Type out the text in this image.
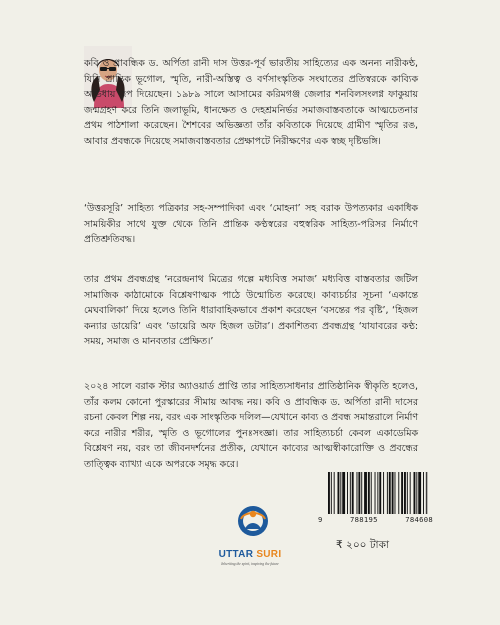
কবি ও প্রাবন্ধিক ড. অর্পিতা রানী দাস উত্তর-পূর্ব ভারতীয় সাহিত্যের এক অনন্য নারীকণ্ঠ, যিনি প্রান্তিক ভূগোল, স্মৃতি, নারী-অস্তিত্ব ও বর্ণসাংস্কৃতিক সংঘাতের প্রতিস্বরকে কাব্যিক অভিধায় রূপ দিয়েছেন। ১৯৮৯ সালে আসামের করিমগঞ্জ জেলার শনবিলসংলগ্ন ফাকুয়ায় জন্মগ্রহণ করে তিনি জলাভূমি, ধানক্ষেত ও দেহশ্রমনির্ভর সমাজবাস্তবতাকে আত্মচেতনার প্রথম পাঠশালা করেছেন। শৈশবের অভিজ্ঞতা তাঁর কবিতাকে দিয়েছে গ্রামীণ স্মৃতির রঙ, আবার প্রবন্ধকে দিয়েছে সমাজবাস্তবতার প্রেক্ষাপটে নিরীক্ষণের এক স্বচ্ছ দৃষ্টিভঙ্গি।

‘উত্তরসূরি’ সাহিত্য পত্রিকার সহ-সম্পাদিকা এবং ‘মোহনা’ সহ বরাক উপত্যকার একাধিক সাময়িকীর সাথে যুক্ত থেকে তিনি প্রান্তিক কণ্ঠস্বরের বহুস্বরিক সাহিত্য-পরিসর নির্মাণে প্রতিশ্রুতিবদ্ধ।

তার প্রথম প্রবন্ধগ্রন্থ ‘নরেন্দ্রনাথ মিত্রের গল্পে মধ্যবিত্ত সমাজ’ মধ্যবিত্ত বাস্তবতার জটিল সামাজিক কাঠামোকে বিশ্লেষণাত্মক পাঠে উন্মোচিত করেছে। কাব্যচর্চার সূচনা ‘একান্তে মেঘবালিকা’ দিয়ে হলেও তিনি ধারাবাহিকভাবে প্রকাশ করেছেন ‘বসন্তের পর বৃষ্টি’, ‘হিজল কন্যার ডায়েরি’ এবং ‘ডায়েরি অফ হিজল ডটার’। প্রকাশিতব্য প্রবন্ধগ্রন্থ ‘যাযাবরের কণ্ঠ: সময়, সমাজ ও মানবতার প্রেক্ষিত।’

২০২৪ সালে বরাক স্টার অ্যাওয়ার্ড প্রাপ্তি তার সাহিত্যসাধনার প্রাতিষ্ঠানিক স্বীকৃতি হলেও, তাঁর কলম কোনো পুরস্কারের সীমায় আবদ্ধ নয়। কবি ও প্রাবন্ধিক ড. অর্পিতা রানী দাসের রচনা কেবল শিল্প নয়, বরং এক সাংস্কৃতিক দলিল—যেখানে কাব্য ও প্রবন্ধ সমান্তরালে নির্মাণ করে নারীর শরীর, স্মৃতি ও ভূগোলের পুনঃসংজ্ঞা। তার সাহিত্যচর্চা কেবল একাডেমিক বিশ্লেষণ নয়, বরং তা জীবনদর্শনের প্রতীক, যেখানে কাব্যের আত্মস্বীকারোক্তি ও প্রবন্ধের তাত্ত্বিক ব্যাখ্যা একে অপরকে সমৃদ্ধ করে।

9	788195	784608
UTTAR SURI
Inheriting the spirit, inspiring the future
₹ ২০০ টাকা
